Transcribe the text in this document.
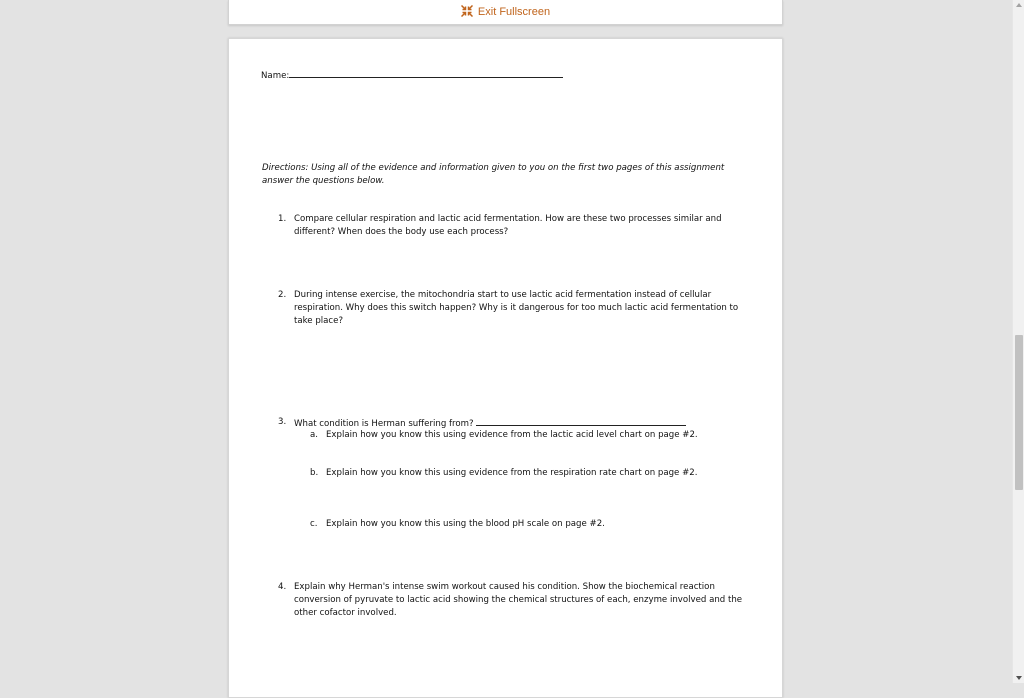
Exit Fullscreen
Name:
Directions: Using all of the evidence and information given to you on the first two pages of this assignment answer the questions below.
1. Compare cellular respiration and lactic acid fermentation. How are these two processes similar and different? When does the body use each process?
2. During intense exercise, the mitochondria start to use lactic acid fermentation instead of cellular respiration. Why does this switch happen? Why is it dangerous for too much lactic acid fermentation to take place?
3. What condition is Herman suffering from?
a. Explain how you know this using evidence from the lactic acid level chart on page #2.
b. Explain how you know this using evidence from the respiration rate chart on page #2.
c. Explain how you know this using the blood pH scale on page #2.
4. Explain why Herman's intense swim workout caused his condition. Show the biochemical reaction conversion of pyruvate to lactic acid showing the chemical structures of each, enzyme involved and the other cofactor involved.
